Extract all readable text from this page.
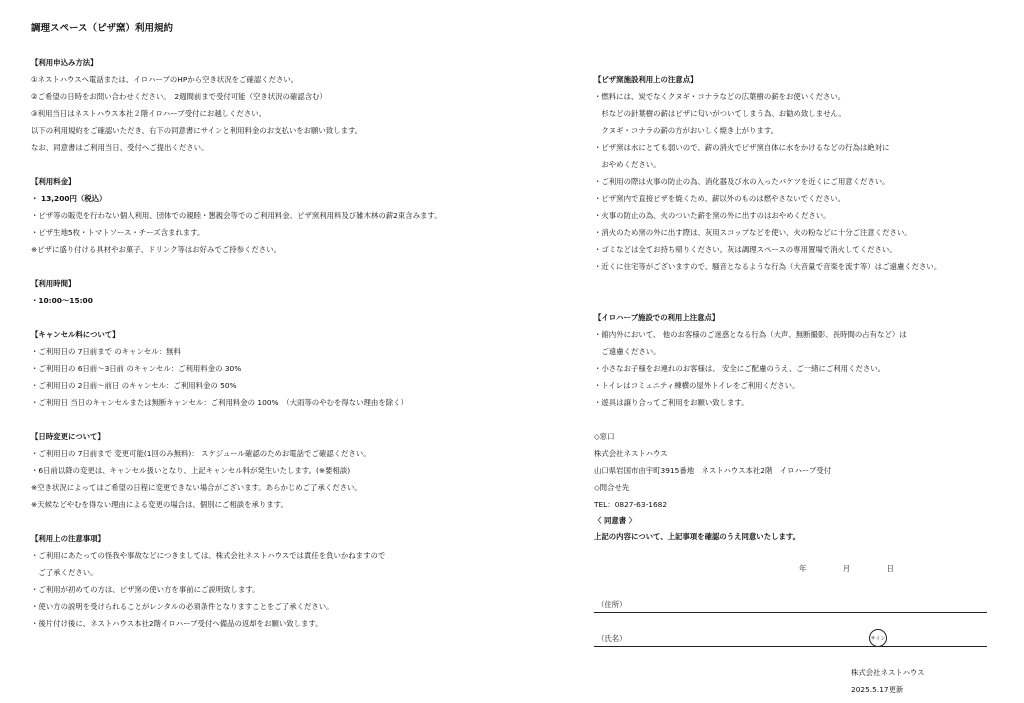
調理スペース（ピザ窯）利用規約
【利用申込み方法】
①ネストハウスへ電話または、イロハーブのHPから空き状況をご確認ください。
②ご希望の日時をお問い合わせください。　2週間前まで受付可能（空き状況の確認含む）
③利用当日はネストハウス本社２階イロハーブ受付にお越しください。
以下の利用規約をご確認いただき、右下の同意書にサインと利用料金のお支払いをお願い致します。
なお、同意書はご利用当日、受付へご提出ください。
【利用料金】
・ 13,200円（税込）
・ピザ等の販売を行わない個人利用、団体での親睦・懇親会等でのご利用料金、ピザ窯利用料及び雑木林の薪2束含みます。
・ピザ生地5枚・トマトソース・チーズ含まれます。
※ピザに盛り付ける具材やお菓子、ドリンク等はお好みでご持参ください。
【利用時間】
・10:00～15:00
【キャンセル料について】
・ご利用日の 7日前まで のキャンセル：無料
・ご利用日の 6日前～3日前 のキャンセル：ご利用料金の 30%
・ご利用日の 2日前～前日 のキャンセル：ご利用料金の 50%
・ご利用日 当日のキャンセルまたは無断キャンセル：ご利用料金の 100%　（大雨等のやむを得ない理由を除く）
【日時変更について】
・ご利用日の 7日前まで 変更可能(1回のみ無料)： スケジュール確認のためお電話でご確認ください。
・6日前以降の変更は、キャンセル扱いとなり、上記キャンセル料が発生いたします。(※要相談)
※空き状況によってはご希望の日程に変更できない場合がございます。あらかじめご了承ください。
※天候などやむを得ない理由による変更の場合は、個別にご相談を承ります。
【利用上の注意事項】
・ご利用にあたっての怪我や事故などにつきましては、株式会社ネストハウスでは責任を負いかねますので
　ご了承ください。
・ご利用が初めての方は、ピザ窯の使い方を事前にご説明致します。
・使い方の説明を受けられることがレンタルの必須条件となりますことをご了承ください。
・後片付け後に、ネストハウス本社2階イロハーブ受付へ備品の返却をお願い致します。
【ピザ窯施設利用上の注意点】
・燃料には、炭でなくクヌギ・コナラなどの広葉樹の薪をお使いください。
　杉などの針葉樹の薪はピザに匂いがついてしまう為、お勧め致しません。
　クヌギ・コナラの薪の方がおいしく焼き上がります。
・ピザ窯は水にとても弱いので、薪の消火でピザ窯自体に水をかけるなどの行為は絶対に
　おやめください。
・ご利用の際は火事の防止の為、消化器及び水の入ったバケツを近くにご用意ください。
・ピザ窯内で直接ピザを焼くため、薪以外のものは燃やさないでください。
・火事の防止の為、火のついた薪を窯の外に出すのはおやめください。
・消火のため窯の外に出す際は、灰用スコップなどを使い、火の粉などに十分ご注意ください。
・ゴミなどは全てお持ち帰りください。灰は調理スペースの専用置場で消火してください。
・近くに住宅等がございますので、騒音となるような行為（大音量で音楽を流す等）はご遠慮ください。
【イロハーブ施設での利用上注意点】
・館内外において、 他のお客様のご迷惑となる行為（大声、無断撮影、長時間の占有など）は
　ご遠慮ください。
・小さなお子様をお連れのお客様は、 安全にご配慮のうえ、ご一緒にご利用ください。
・トイレはコミュニティ棟横の屋外トイレをご利用ください。
・遊具は譲り合ってご利用をお願い致します。
◇窓口
株式会社ネストハウス
山口県岩国市由宇町3915番地　ネストハウス本社2階　イロハーブ受付
◇問合せ先
TEL：0827-63-1682
〈 同意書 〉
上記の内容について、上記事項を確認のうえ同意いたします。
年	月	日
（住所）
（氏名）	サイン
株式会社ネストハウス
2025.5.17更新
